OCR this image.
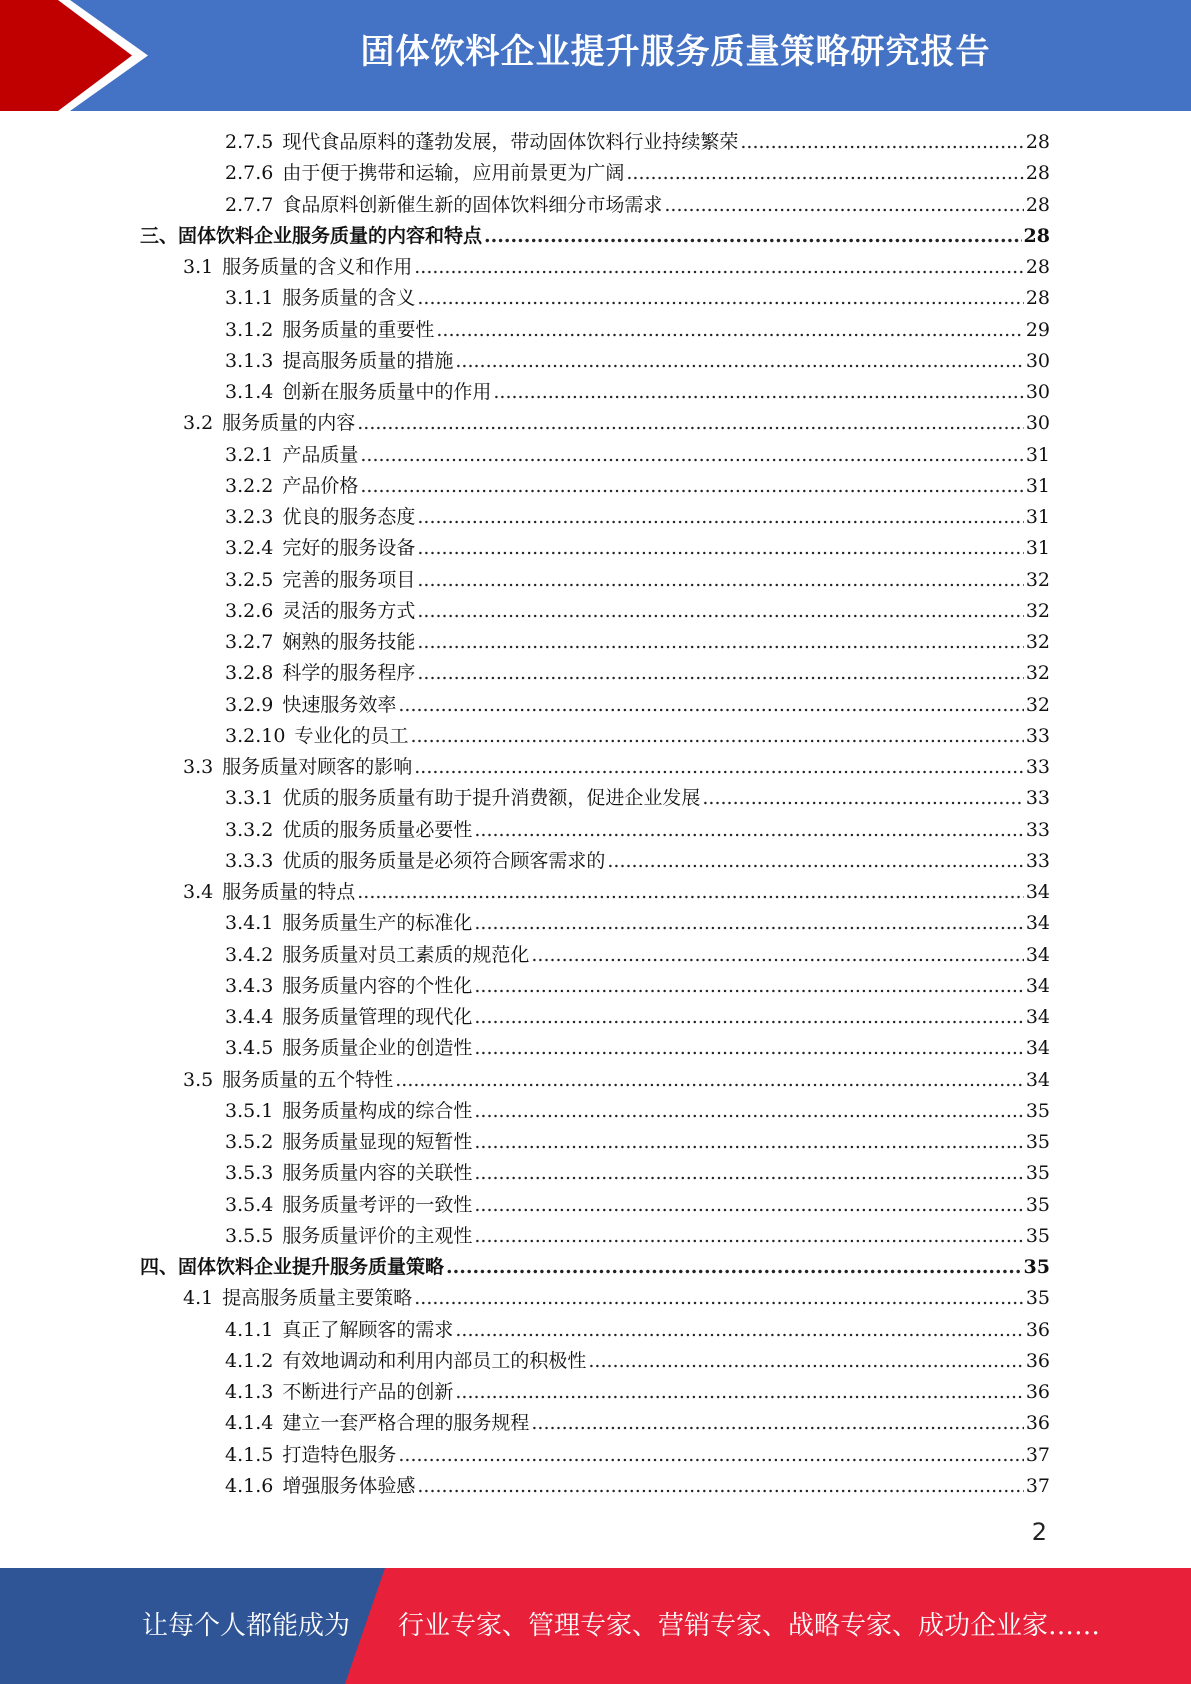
固体饮料企业提升服务质量策略研究报告
2.7.5 现代食品原料的蓬勃发展，带动固体饮料行业持续繁荣 .....	28
2.7.6 由于便于携带和运输，应用前景更为广阔 .....	28
2.7.7 食品原料创新催生新的固体饮料细分市场需求 .....	28
三、固体饮料企业服务质量的内容和特点 .....	28
3.1 服务质量的含义和作用 .....	28
3.1.1 服务质量的含义 .....	28
3.1.2 服务质量的重要性 .....	29
3.1.3 提高服务质量的措施 .....	30
3.1.4 创新在服务质量中的作用 .....	30
3.2 服务质量的内容 .....	30
3.2.1 产品质量 .....	31
3.2.2 产品价格 .....	31
3.2.3 优良的服务态度 .....	31
3.2.4 完好的服务设备 .....	31
3.2.5 完善的服务项目 .....	32
3.2.6 灵活的服务方式 .....	32
3.2.7 娴熟的服务技能 .....	32
3.2.8 科学的服务程序 .....	32
3.2.9 快速服务效率 .....	32
3.2.10 专业化的员工 .....	33
3.3 服务质量对顾客的影响 .....	33
3.3.1 优质的服务质量有助于提升消费额，促进企业发展 .....	33
3.3.2 优质的服务质量必要性 .....	33
3.3.3 优质的服务质量是必须符合顾客需求的 .....	33
3.4 服务质量的特点 .....	34
3.4.1 服务质量生产的标准化 .....	34
3.4.2 服务质量对员工素质的规范化 .....	34
3.4.3 服务质量内容的个性化 .....	34
3.4.4 服务质量管理的现代化 .....	34
3.4.5 服务质量企业的创造性 .....	34
3.5 服务质量的五个特性 .....	34
3.5.1 服务质量构成的综合性 .....	35
3.5.2 服务质量显现的短暂性 .....	35
3.5.3 服务质量内容的关联性 .....	35
3.5.4 服务质量考评的一致性 .....	35
3.5.5 服务质量评价的主观性 .....	35
四、固体饮料企业提升服务质量策略 .....	35
4.1 提高服务质量主要策略 .....	35
4.1.1 真正了解顾客的需求 .....	36
4.1.2 有效地调动和利用内部员工的积极性 .....	36
4.1.3 不断进行产品的创新 .....	36
4.1.4 建立一套严格合理的服务规程 .....	36
4.1.5 打造特色服务 .....	37
4.1.6 增强服务体验感 .....	37
2
让每个人都能成为 行业专家、管理专家、营销专家、战略专家、成功企业家……
